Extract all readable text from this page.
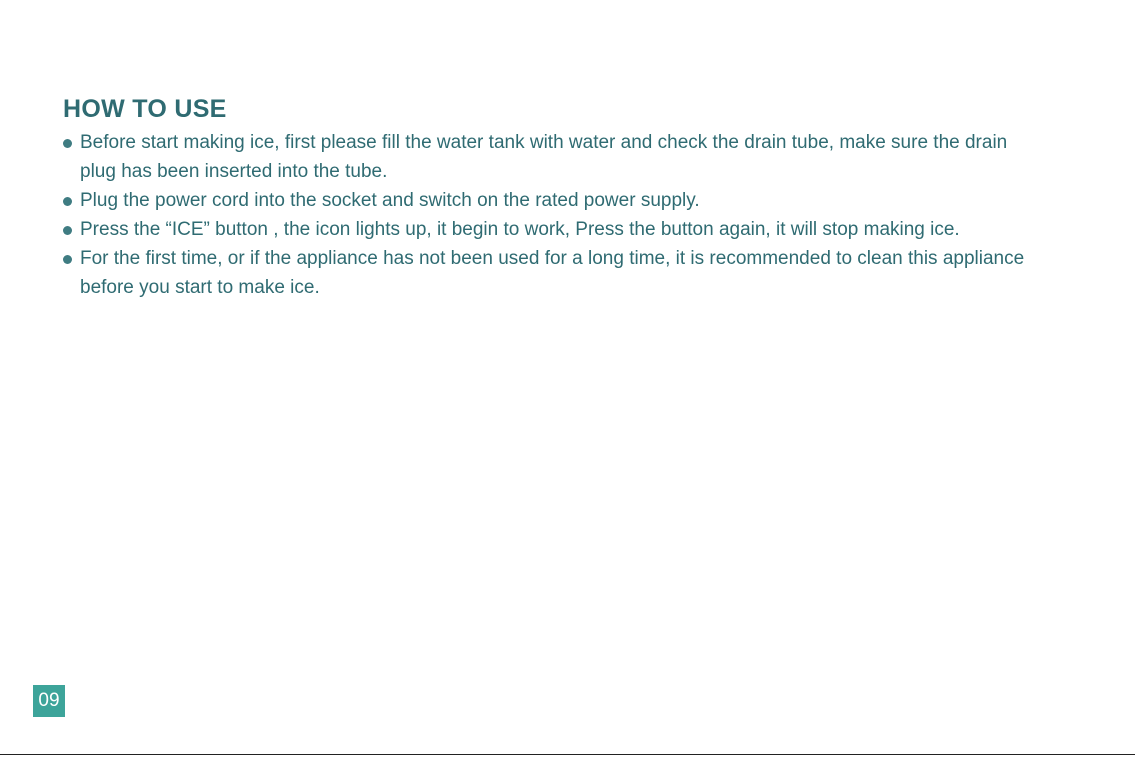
HOW TO USE
Before start making ice, first please fill the water tank with water and check the drain tube, make sure the drain plug has been inserted into the tube.
Plug the power cord into the socket and switch on the rated power supply.
Press the “ICE” button , the icon lights up, it begin to work, Press the button again, it will stop making ice.
For the first time, or if the appliance has not been used for a long time, it is recommended to clean this appliance before you start to make ice.
09
